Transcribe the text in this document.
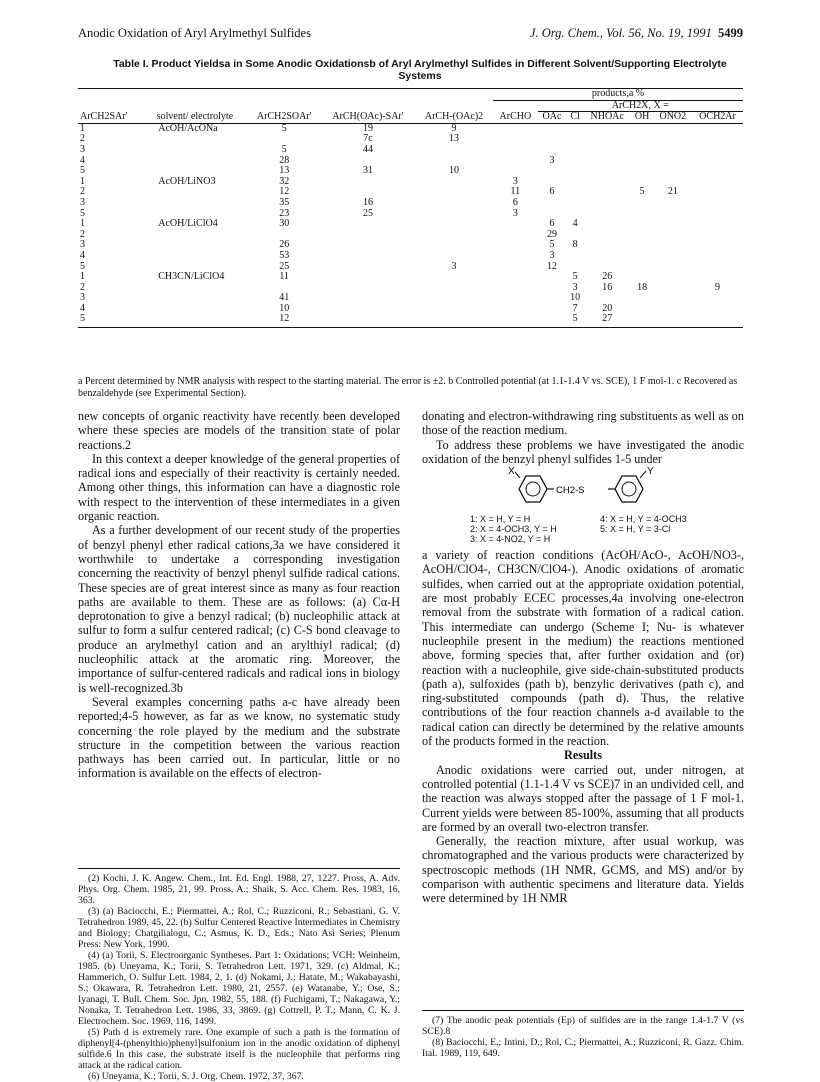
Anodic Oxidation of Aryl Arylmethyl Sulfides	J. Org. Chem., Vol. 56, No. 19, 1991 5499
Table I. Product Yieldsa in Some Anodic Oxidationsb of Aryl Arylmethyl Sulfides in Different Solvent/Supporting Electrolyte Systems

					products,a %						
						ArCH2X, X =					
ArCH2SAr'	solvent/ electrolyte	ArCH2SOAr'	ArCH(OAc)-SAr'	ArCH-(OAc)2	ArCHO	OAc	Cl	NHOAc	OH	ONO2	OCH2Ar
1	AcOH/AcONa	5	19	9							
2			7c	13							
3		5	44								
4		28				3					
5		13	31	10							
1	AcOH/LiNO3	32			3						
2		12			11	6			5	21	
3		35	16		6						
5		23	25		3						
1	AcOH/LiClO4	30				6	4				
2						29					
3		26				5	8				
4		53				3					
5		25		3		12					
1	CH3CN/LiClO4	11					5	26			
2							3	16	18		9
3		41					10				
4		10					7	20			
5		12					5	27			
a Percent determined by NMR analysis with respect to the starting material. The error is ±2. b Controlled potential (at 1.1-1.4 V vs. SCE), 1 F mol-1. c Recovered as benzaldehyde (see Experimental Section).

new concepts of organic reactivity have recently been developed where these species are models of the transition state of polar reactions.2

In this context a deeper knowledge of the general properties of radical ions and especially of their reactivity is certainly needed. Among other things, this information can have a diagnostic role with respect to the intervention of these intermediates in a given organic reaction.

As a further development of our recent study of the properties of benzyl phenyl ether radical cations,3a we have considered it worthwhile to undertake a corresponding investigation concerning the reactivity of benzyl phenyl sulfide radical cations. These species are of great interest since as many as four reaction paths are available to them. These are as follows: (a) Cα-H deprotonation to give a benzyl radical; (b) nucleophilic attack at sulfur to form a sulfur centered radical; (c) C-S bond cleavage to produce an arylmethyl cation and an arylthiyl radical; (d) nucleophilic attack at the aromatic ring. Moreover, the importance of sulfur-centered radicals and radical ions in biology is well-recognized.3b

Several examples concerning paths a-c have already been reported;4-5 however, as far as we know, no systematic study concerning the role played by the medium and the substrate structure in the competition between the various reaction pathways has been carried out. In particular, little or no information is available on the effects of electron-

donating and electron-withdrawing ring substituents as well as on those of the reaction medium.

To address these problems we have investigated the anodic oxidation of the benzyl phenyl sulfides 1-5 under

X	Y
CH2-S
1: X = H, Y = H
2: X = 4-OCH3, Y = H
3: X = 4-NO2, Y = H
4: X = H, Y = 4-OCH3
5: X = H, Y = 3-Cl

a variety of reaction conditions (AcOH/AcO-, AcOH/NO3-, AcOH/ClO4-, CH3CN/ClO4-). Anodic oxidations of aromatic sulfides, when carried out at the appropriate oxidation potential, are most probably ECEC processes,4a involving one-electron removal from the substrate with formation of a radical cation. This intermediate can undergo (Scheme I; Nu- is whatever nucleophile present in the medium) the reactions mentioned above, forming species that, after further oxidation and (or) reaction with a nucleophile, give side-chain-substituted products (path a), sulfoxides (path b), benzylic derivatives (path c), and ring-substituted compounds (path d). Thus, the relative contributions of the four reaction channels a-d available to the radical cation can directly be determined by the relative amounts of the products formed in the reaction.

Results

Anodic oxidations were carried out, under nitrogen, at controlled potential (1.1-1.4 V vs SCE)7 in an undivided cell, and the reaction was always stopped after the passage of 1 F mol-1. Current yields were between 85-100%, assuming that all products are formed by an overall two-electron transfer.

Generally, the reaction mixture, after usual workup, was chromatographed and the various products were characterized by spectroscopic methods (1H NMR, GCMS, and MS) and/or by comparison with authentic specimens and literature data. Yields were determined by 1H NMR

(2) Kochi, J. K. Angew. Chem., Int. Ed. Engl. 1988, 27, 1227. Pross, A. Adv. Phys. Org. Chem. 1985, 21, 99. Pross, A.; Shaik, S. Acc. Chem. Res. 1983, 16, 363.

(3) (a) Baciocchi, E.; Piermattei, A.; Rol, C.; Ruzziconi, R.; Sebastiani, G. V. Tetrahedron 1989, 45, 22. (b) Sulfur Centered Reactive Intermediates in Chemistry and Biology; Chatgilialogu, C.; Asmus, K. D., Eds.; Nato Asi Series; Plenum Press: New York, 1990.

(4) (a) Torii, S. Electroorganic Syntheses. Part 1: Oxidations; VCH: Weinheim, 1985. (b) Uneyama, K.; Torii, S. Tetrahedron Lett. 1971, 329. (c) Aldmal, K.; Hammerich, O. Sulfur Lett. 1984, 2, 1. (d) Nokami, J.; Hatate, M.; Wakabayashi, S.; Okawara, R. Tetrahedron Lett. 1980, 21, 2557. (e) Watanabe, Y.; Ose, S.; Iyanagi, T. Bull. Chem. Soc. Jpn. 1982, 55, 188. (f) Fuchigami, T.; Nakagawa, Y.; Nonaka, T. Tetrahedron Lett. 1986, 33, 3869. (g) Cottrell, P. T.; Mann, C. K. J. Electrochem. Soc. 1969, 116, 1499.

(5) Path d is extremely rare. One example of such a path is the formation of diphenyl[4-(phenylthio)phenyl]sulfonium ion in the anodic oxidation of diphenyl sulfide.6 In this case, the substrate itself is the nucleophile that performs ring attack at the radical cation.

(6) Uneyama, K.; Torii, S. J. Org. Chem. 1972, 37, 367.

(7) The anodic peak potentials (Ep) of sulfides are in the range 1.4-1.7 V (vs SCE).8

(8) Baciocchi, E.; Intini, D.; Rol, C.; Piermattei, A.; Ruzziconi, R. Gazz. Chim. Ital. 1989, 119, 649.
